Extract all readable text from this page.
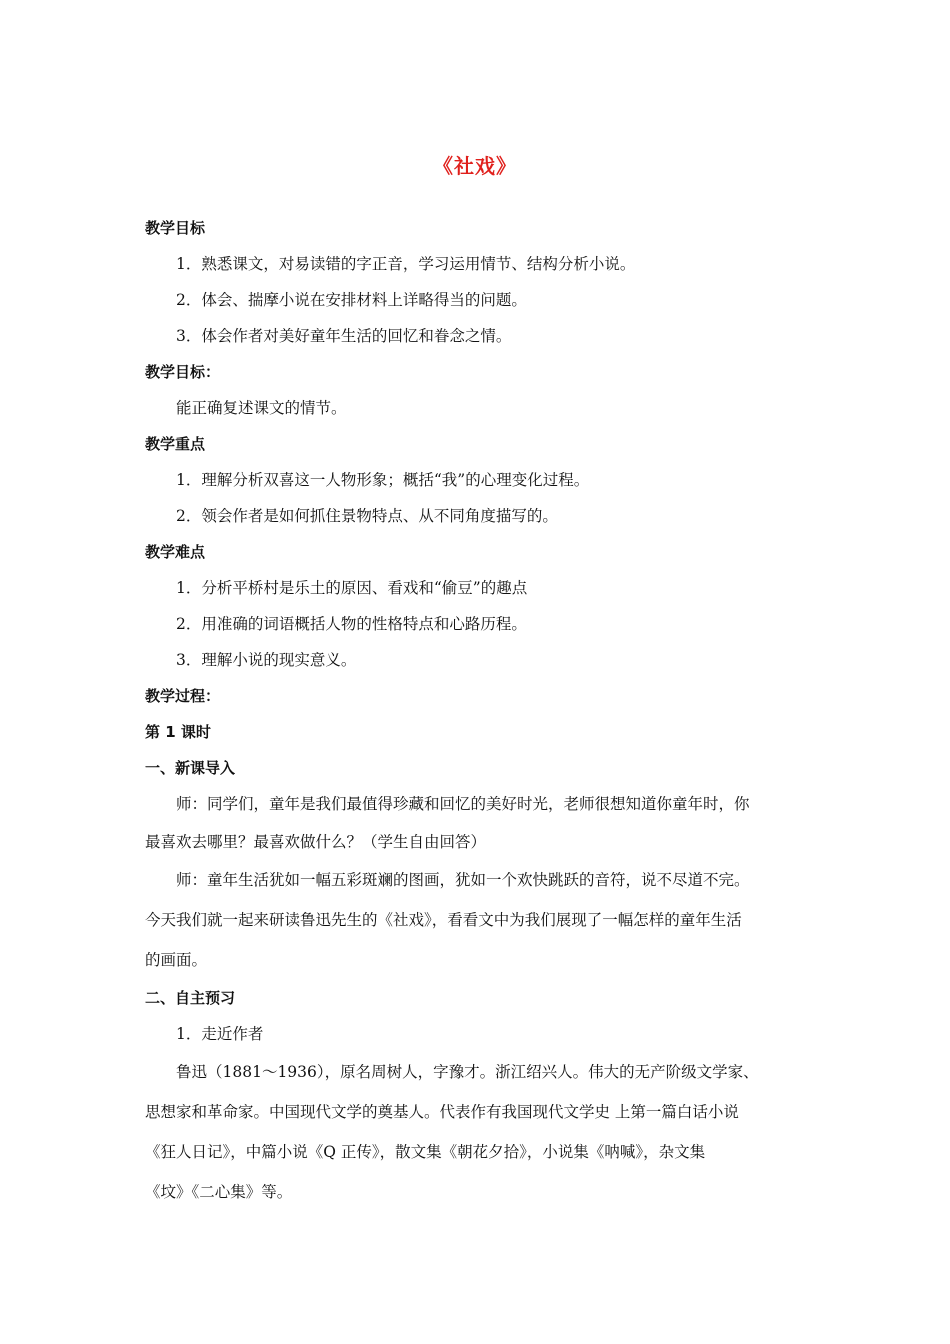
《社戏》
教学目标
1．熟悉课文，对易读错的字正音，学习运用情节、结构分析小说。
2．体会、揣摩小说在安排材料上详略得当的问题。
3．体会作者对美好童年生活的回忆和眷念之情。
教学目标：
能正确复述课文的情节。
教学重点
1．理解分析双喜这一人物形象；概括“我”的心理变化过程。
2．领会作者是如何抓住景物特点、从不同角度描写的。
教学难点
1．分析平桥村是乐土的原因、看戏和“偷豆”的趣点
2．用准确的词语概括人物的性格特点和心路历程。
3．理解小说的现实意义。
教学过程：
第 1 课时
一、新课导入
师：同学们，童年是我们最值得珍藏和回忆的美好时光，老师很想知道你童年时，你
最喜欢去哪里？最喜欢做什么？（学生自由回答）
师：童年生活犹如一幅五彩斑斓的图画，犹如一个欢快跳跃的音符，说不尽道不完。
今天我们就一起来研读鲁迅先生的《社戏》，看看文中为我们展现了一幅怎样的童年生活
的画面。
二、自主预习
1．走近作者
鲁迅（1881～1936），原名周树人，字豫才。浙江绍兴人。伟大的无产阶级文学家、
思想家和革命家。中国现代文学的奠基人。代表作有我国现代文学史 上第一篇白话小说
《狂人日记》，中篇小说《Q 正传》，散文集《朝花夕拾》，小说集《呐喊》，杂文集
《坟》《二心集》等。
